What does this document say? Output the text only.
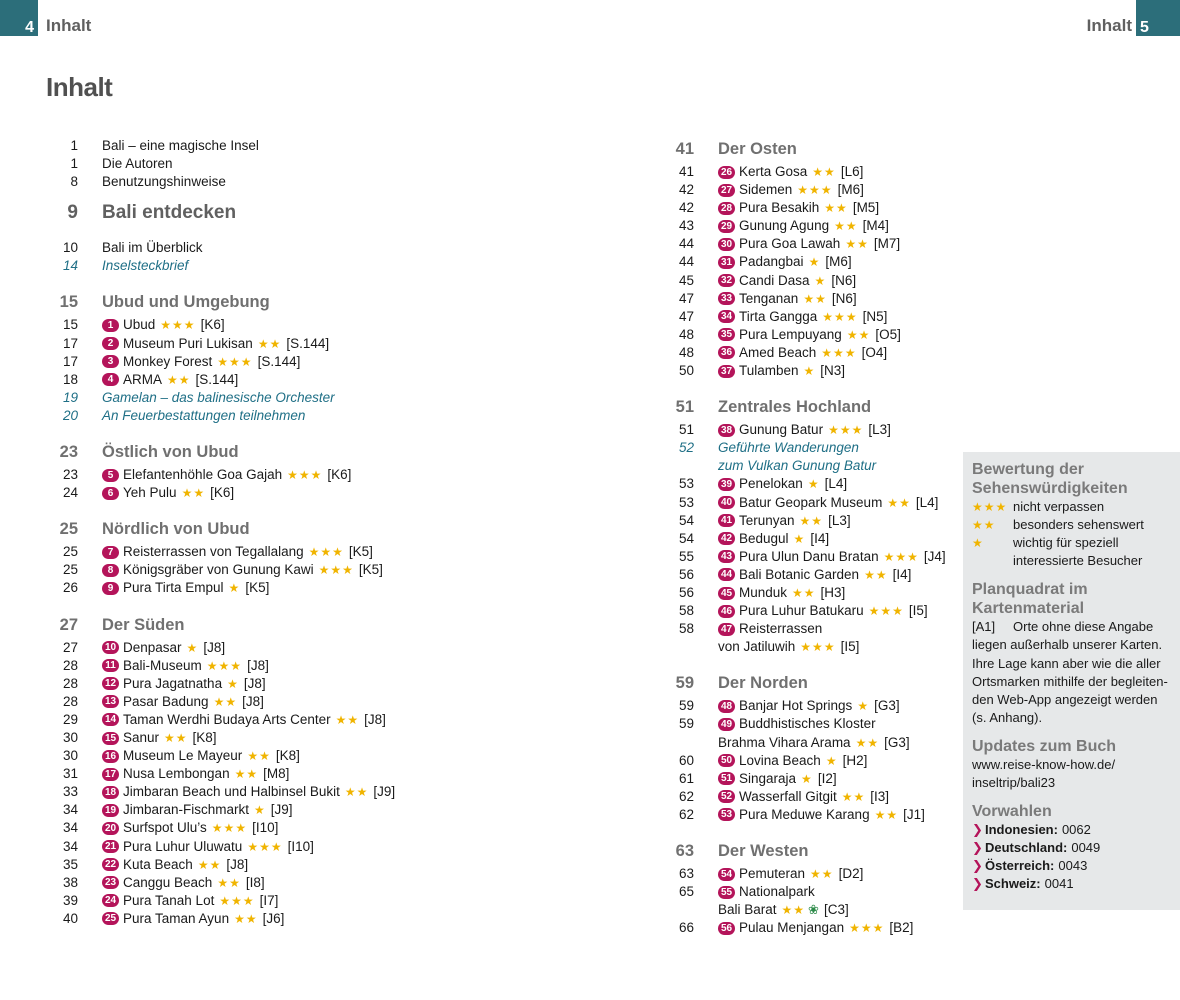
4 Inhalt	Inhalt 5
Inhalt
1 Bali – eine magische Insel
1 Die Autoren
8 Benutzungshinweise
9 Bali entdecken
10 Bali im Überblick
14 Inselsteckbrief
15 Ubud und Umgebung
15	1 Ubud ★★★ [K6]
17	2 Museum Puri Lukisan ★★ [S.144]
17	3 Monkey Forest ★★★ [S.144]
18	4 ARMA ★★ [S.144]
19 Gamelan – das balinesische Orchester
20 An Feuerbestattungen teilnehmen
23 Östlich von Ubud
23	5 Elefantenhöhle Goa Gajah ★★★ [K6]
24	6 Yeh Pulu ★★ [K6]
25 Nördlich von Ubud
25	7 Reisterrassen von Tegallalang ★★★ [K5]
25	8 Königsgräber von Gunung Kawi ★★★ [K5]
26	9 Pura Tirta Empul ★ [K5]
27 Der Süden
27	10 Denpasar ★ [J8]
28	11 Bali-Museum ★★★ [J8]
28	12 Pura Jagatnatha ★ [J8]
28	13 Pasar Badung ★★ [J8]
29	14 Taman Werdhi Budaya Arts Center ★★ [J8]
30	15 Sanur ★★ [K8]
30	16 Museum Le Mayeur ★★ [K8]
31	17 Nusa Lembongan ★★ [M8]
33	18 Jimbaran Beach und Halbinsel Bukit ★★ [J9]
34	19 Jimbaran-Fischmarkt ★ [J9]
34	20 Surfspot Ulu’s ★★★ [I10]
34	21 Pura Luhur Uluwatu ★★★ [I10]
35	22 Kuta Beach ★★ [J8]
38	23 Canggu Beach ★★ [I8]
39	24 Pura Tanah Lot ★★★ [I7]
40	25 Pura Taman Ayun ★★ [J6]
41 Der Osten
41	26 Kerta Gosa ★★ [L6]
42	27 Sidemen ★★★ [M6]
42	28 Pura Besakih ★★ [M5]
43	29 Gunung Agung ★★ [M4]
44	30 Pura Goa Lawah ★★ [M7]
44	31 Padangbai ★ [M6]
45	32 Candi Dasa ★ [N6]
47	33 Tenganan ★★ [N6]
47	34 Tirta Gangga ★★★ [N5]
48	35 Pura Lempuyang ★★ [O5]
48	36 Amed Beach ★★★ [O4]
50	37 Tulamben ★ [N3]
51 Zentrales Hochland
51	38 Gunung Batur ★★★ [L3]
52 Geführte Wanderungen
zum Vulkan Gunung Batur
53	39 Penelokan ★ [L4]
53	40 Batur Geopark Museum ★★ [L4]
54	41 Terunyan ★★ [L3]
54	42 Bedugul ★ [I4]
55	43 Pura Ulun Danu Bratan ★★★ [J4]
56	44 Bali Botanic Garden ★★ [I4]
56	45 Munduk ★★ [H3]
58	46 Pura Luhur Batukaru ★★★ [I5]
58	47 Reisterrassen
von Jatiluwih ★★★ [I5]
59 Der Norden
59	48 Banjar Hot Springs ★ [G3]
59	49 Buddhistisches Kloster
Brahma Vihara Arama ★★ [G3]
60	50 Lovina Beach ★ [H2]
61	51 Singaraja ★ [I2]
62	52 Wasserfall Gitgit ★★ [I3]
62	53 Pura Meduwe Karang ★★ [J1]
63 Der Westen
63	54 Pemuteran ★★ [D2]
65	55 Nationalpark
Bali Barat ★★ ❀ [C3]
66	56 Pulau Menjangan ★★★ [B2]
Bewertung der
Sehenswürdigkeiten
★★★ nicht verpassen
★★	besonders sehenswert
★	wichtig für speziell
interessierte Besucher
Planquadrat im Kartenmaterial
[A1] Orte ohne diese Angabe
liegen außerhalb unserer Karten.
Ihre Lage kann aber wie die aller
Ortsmarken mithilfe der begleiten-
den Web-App angezeigt werden
(s. Anhang).
Updates zum Buch
www.reise-know-how.de/
inseltrip/bali23
Vorwahlen
❯ Indonesien: 0062
❯ Deutschland: 0049
❯ Österreich: 0043
❯ Schweiz: 0041
